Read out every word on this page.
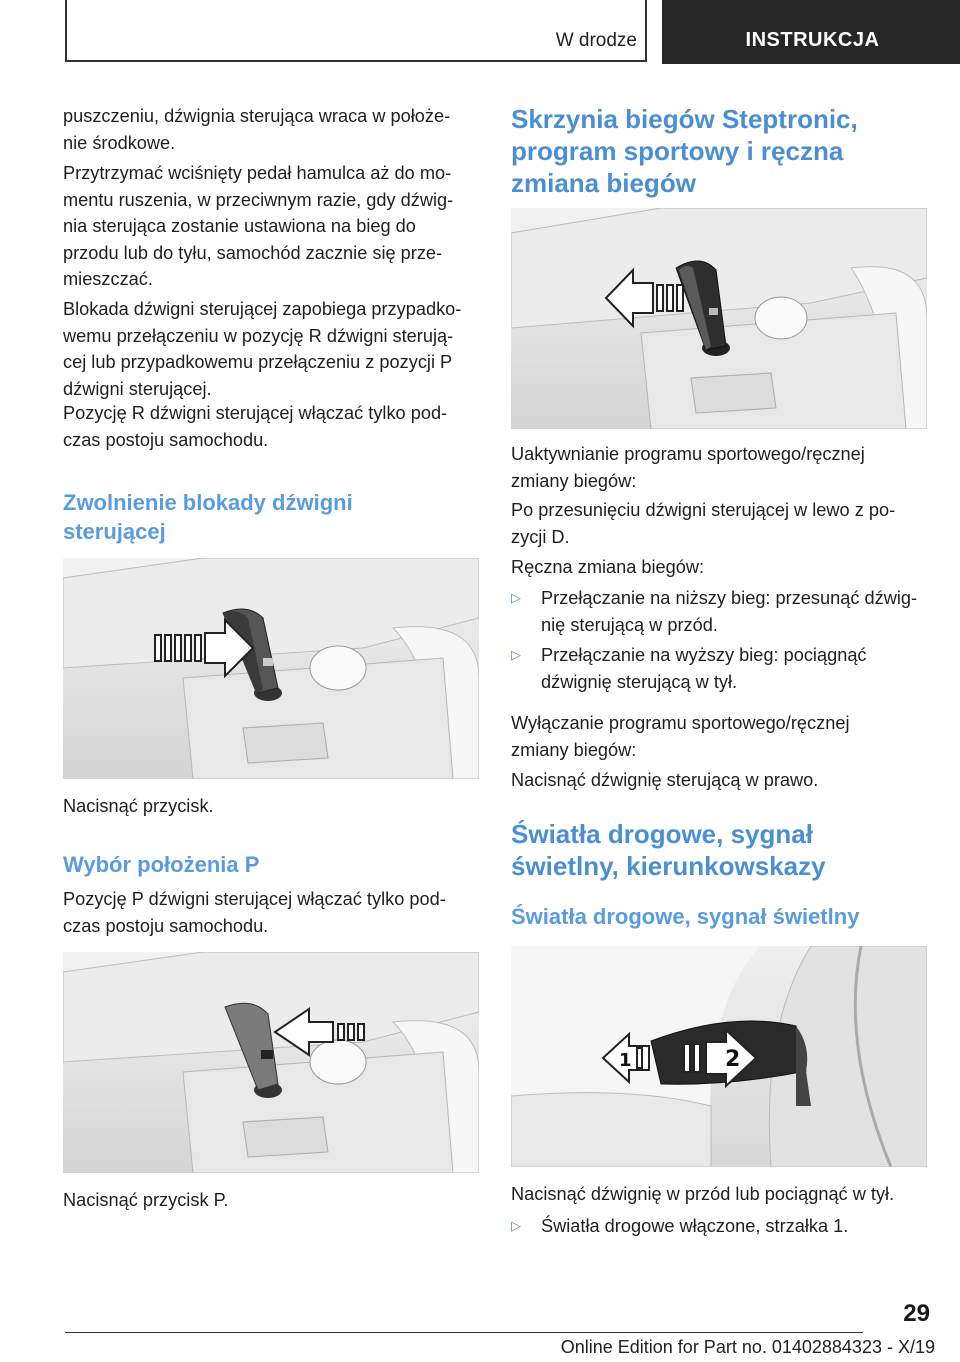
W drodze	INSTRUKCJA

puszczeniu, dźwignia sterująca wraca w położe-
nie środkowe.

Przytrzymać wciśnięty pedał hamulca aż do mo-
mentu ruszenia, w przeciwnym razie, gdy dźwig-
nia sterująca zostanie ustawiona na bieg do
przodu lub do tyłu, samochód zacznie się prze-
mieszczać.

Blokada dźwigni sterującej zapobiega przypadko-
wemu przełączeniu w pozycję R dźwigni sterują-
cej lub przypadkowemu przełączeniu z pozycji P
dźwigni sterującej.

Pozycję R dźwigni sterującej włączać tylko pod-
czas postoju samochodu.

Zwolnienie blokady dźwigni
sterującej

Nacisnąć przycisk.

Wybór położenia P

Pozycję P dźwigni sterującej włączać tylko pod-
czas postoju samochodu.

Nacisnąć przycisk P.

Skrzynia biegów Steptronic,
program sportowy i ręczna
zmiana biegów

Uaktywnianie programu sportowego/ręcznej
zmiany biegów:

Po przesunięciu dźwigni sterującej w lewo z po-
zycji D.

Ręczna zmiana biegów:

▷ Przełączanie na niższy bieg: przesunąć dźwig-
nię sterującą w przód.
▷ Przełączanie na wyższy bieg: pociągnąć
dźwignię sterującą w tył.

Wyłączanie programu sportowego/ręcznej
zmiany biegów:

Nacisnąć dźwignię sterującą w prawo.

Światła drogowe, sygnał
świetlny, kierunkowskazy
Światła drogowe, sygnał świetlny
1	2

Nacisnąć dźwignię w przód lub pociągnąć w tył.

▷ Światła drogowe włączone, strzałka 1.
29
Online Edition for Part no. 01402884323 - X/19
